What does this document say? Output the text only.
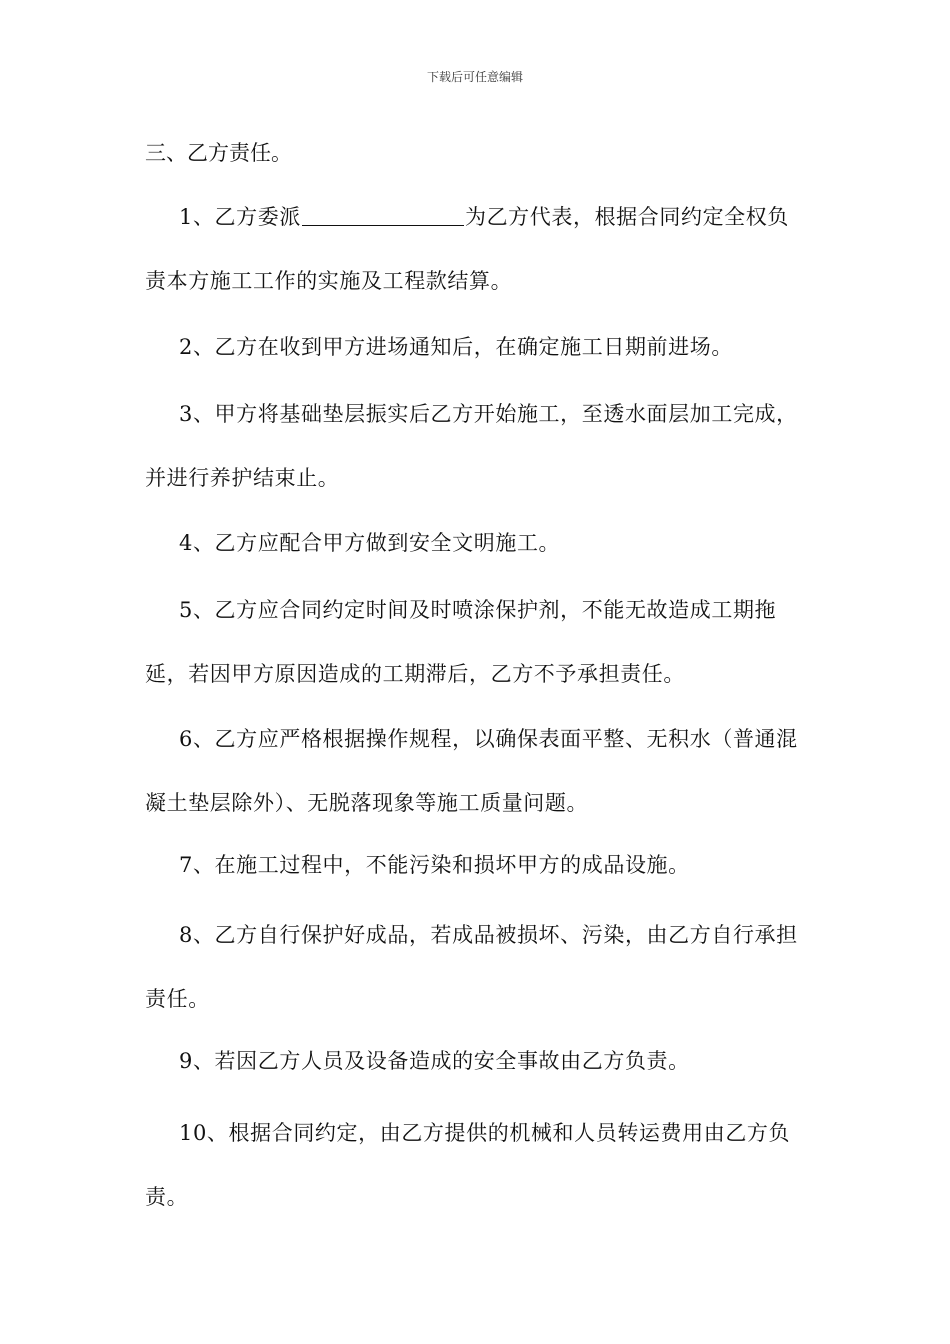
下载后可任意编辑
三、乙方责任。
1、乙方委派	为乙方代表，根据合同约定全权负责本方施工工作的实施及工程款结算。
2、乙方在收到甲方进场通知后，在确定施工日期前进场。
3、甲方将基础垫层振实后乙方开始施工，至透水面层加工完成，并进行养护结束止。
4、乙方应配合甲方做到安全文明施工。
5、乙方应合同约定时间及时喷涂保护剂，不能无故造成工期拖延，若因甲方原因造成的工期滞后，乙方不予承担责任。
6、乙方应严格根据操作规程，以确保表面平整、无积水（普通混凝土垫层除外）、无脱落现象等施工质量问题。
7、在施工过程中，不能污染和损坏甲方的成品设施。
8、乙方自行保护好成品，若成品被损坏、污染，由乙方自行承担责任。
9、若因乙方人员及设备造成的安全事故由乙方负责。
10、根据合同约定，由乙方提供的机械和人员转运费用由乙方负责。
